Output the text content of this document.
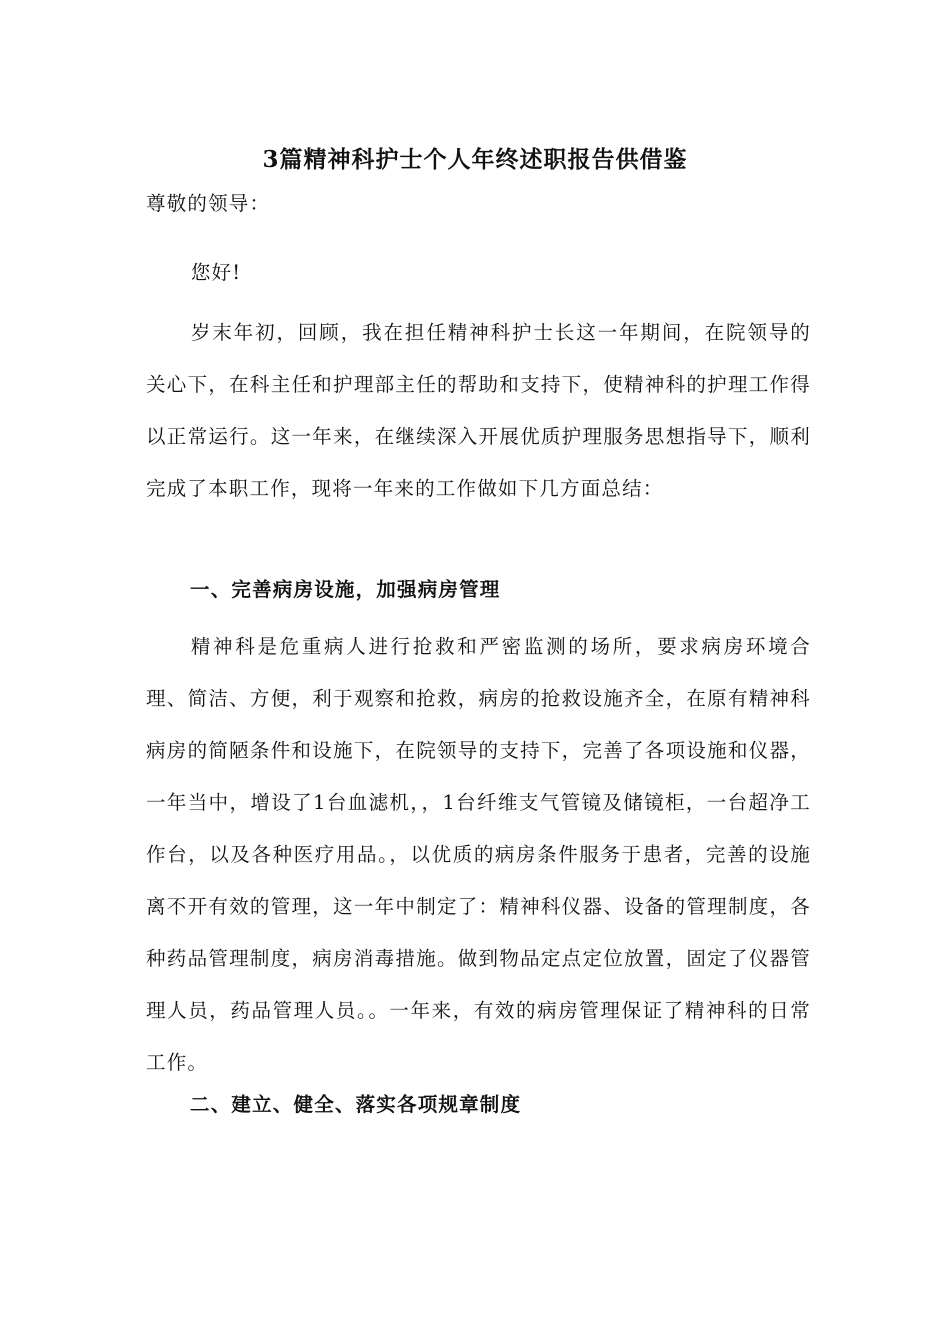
3篇精神科护士个人年终述职报告供借鉴
尊敬的领导：
您好!
岁末年初，回顾，我在担任精神科护士长这一年期间，在院领导的关心下，在科主任和护理部主任的帮助和支持下，使精神科的护理工作得以正常运行。这一年来，在继续深入开展优质护理服务思想指导下，顺利完成了本职工作，现将一年来的工作做如下几方面总结：
一、完善病房设施，加强病房管理
精神科是危重病人进行抢救和严密监测的场所，要求病房环境合理、简洁、方便，利于观察和抢救，病房的抢救设施齐全，在原有精神科病房的简陋条件和设施下，在院领导的支持下，完善了各项设施和仪器，一年当中，增设了1台血滤机，，1台纤维支气管镜及储镜柜，一台超净工作台，以及各种医疗用品。，以优质的病房条件服务于患者，完善的设施离不开有效的管理，这一年中制定了：精神科仪器、设备的管理制度，各种药品管理制度，病房消毒措施。做到物品定点定位放置，固定了仪器管理人员，药品管理人员。。一年来，有效的病房管理保证了精神科的日常工作。
二、建立、健全、落实各项规章制度
